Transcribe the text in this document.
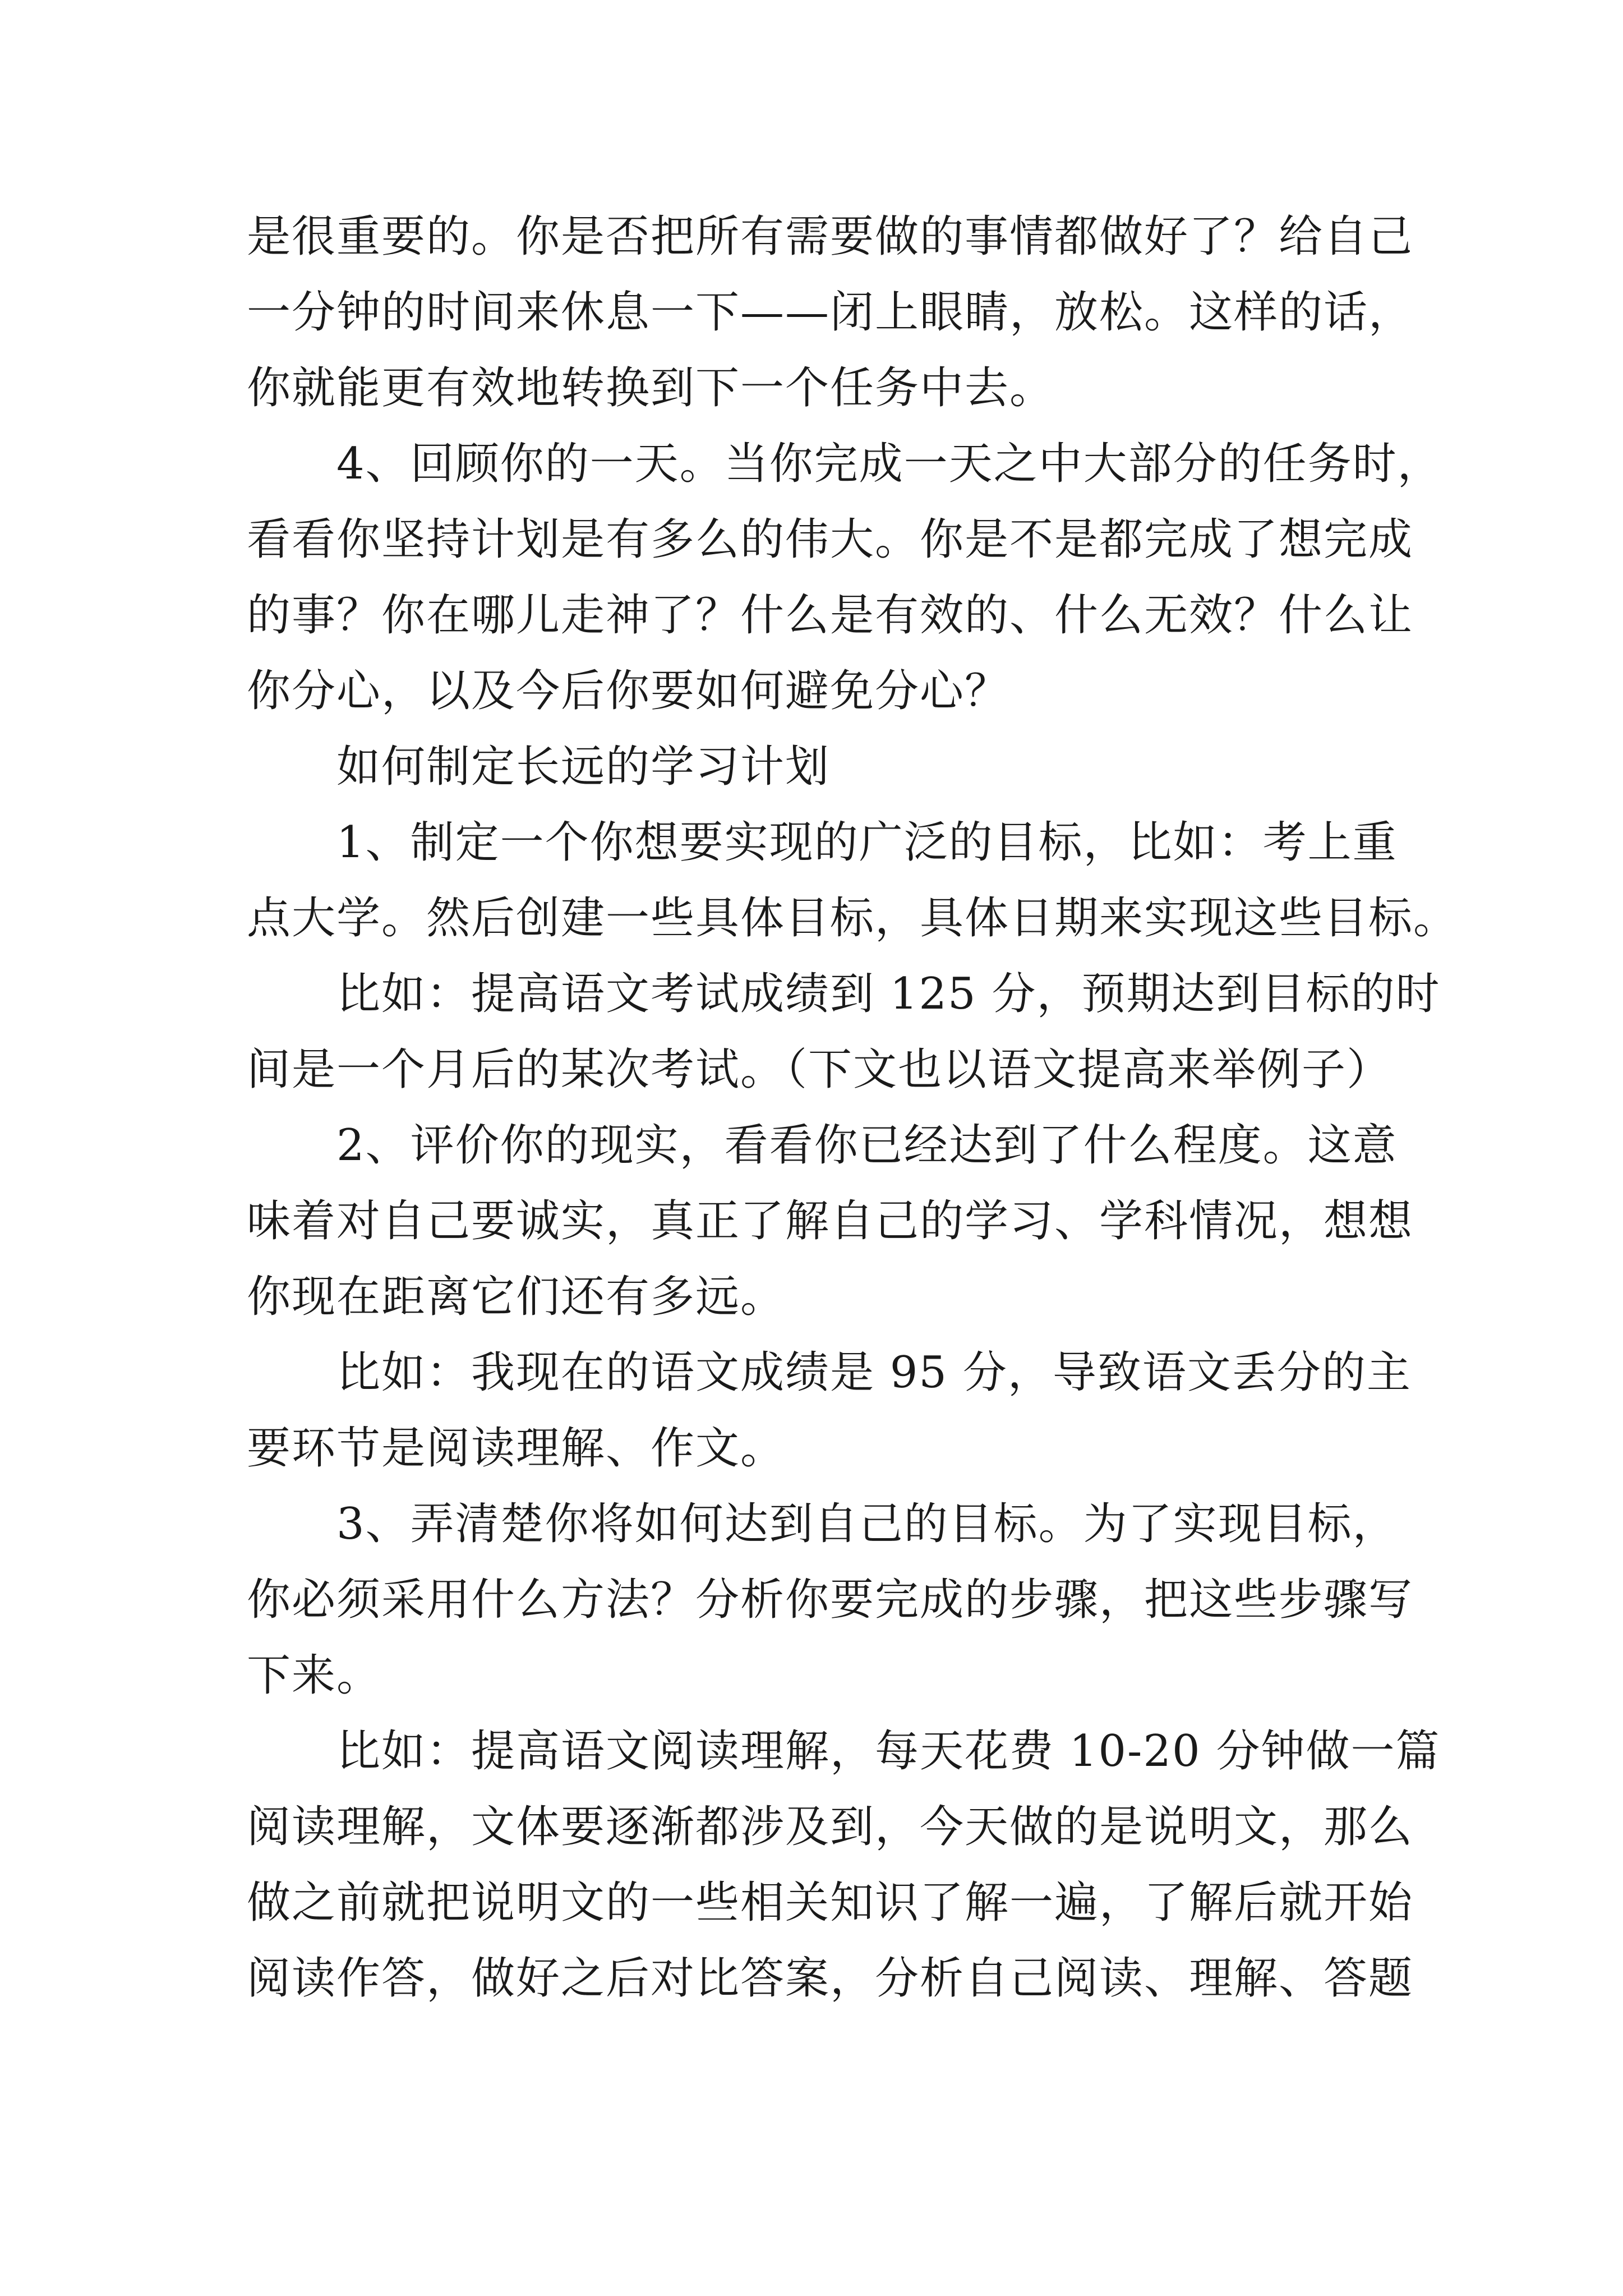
是很重要的。你是否把所有需要做的事情都做好了？给自己
一分钟的时间来休息一下——闭上眼睛，放松。这样的话，
你就能更有效地转换到下一个任务中去。
4、回顾你的一天。当你完成一天之中大部分的任务时，
看看你坚持计划是有多么的伟大。你是不是都完成了想完成
的事？你在哪儿走神了？什么是有效的、什么无效？什么让
你分心，以及今后你要如何避免分心？
如何制定长远的学习计划
1、制定一个你想要实现的广泛的目标，比如：考上重
点大学。然后创建一些具体目标，具体日期来实现这些目标。
比如：提高语文考试成绩到 125 分，预期达到目标的时
间是一个月后的某次考试。（下文也以语文提高来举例子）
2、评价你的现实，看看你已经达到了什么程度。这意
味着对自己要诚实，真正了解自己的学习、学科情况，想想
你现在距离它们还有多远。
比如：我现在的语文成绩是 95 分，导致语文丢分的主
要环节是阅读理解、作文。
3、弄清楚你将如何达到自己的目标。为了实现目标，
你必须采用什么方法？分析你要完成的步骤，把这些步骤写
下来。
比如：提高语文阅读理解，每天花费 10-20 分钟做一篇
阅读理解，文体要逐渐都涉及到，今天做的是说明文，那么
做之前就把说明文的一些相关知识了解一遍，了解后就开始
阅读作答，做好之后对比答案，分析自己阅读、理解、答题
